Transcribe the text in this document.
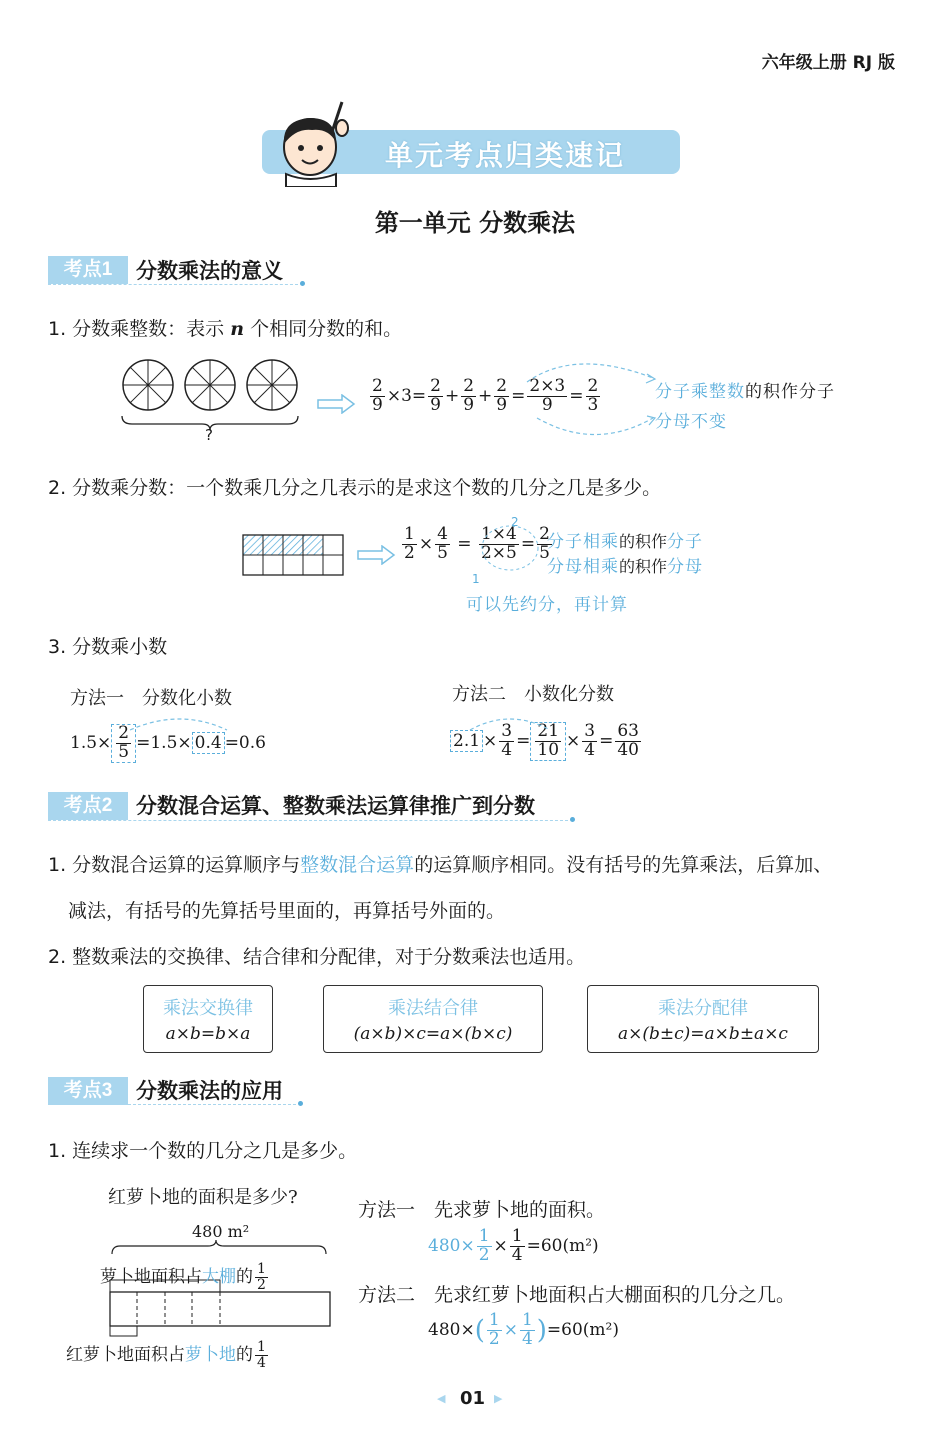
六年级上册 RJ 版
单元考点归类速记
第一单元 分数乘法
考点1	分数乘法的意义
1. 分数乘整数：表示 n 个相同分数的和。
?
$\frac{2}{9} \times 3= \frac{2}{9} + \frac{2}{9} + \frac{2}{9} = \frac{2\times 3}{9} = \frac{2}{3}$	分子乘整数的积作分子
分母不变
2. 分数乘分数：一个数乘几分之几表示的是求这个数的几分之几是多少。
$\frac{1}{2} \times \frac{4}{5} = \frac{1\times 4}{2\times 5} = \frac{2}{5}$
2
1
分子相乘的积作分子
分母相乘的积作分母
可以先约分，再计算
3. 分数乘小数
方法一　分数化小数	方法二　小数化分数
$1.5\times \frac{2}{5} =1.5\times 0.4 =0.6$	$2.1 \times \frac{3}{4} = \frac{21}{10} \times \frac{3}{4} = \frac{63}{40}$
考点2	分数混合运算、整数乘法运算律推广到分数
1. 分数混合运算的运算顺序与整数混合运算的运算顺序相同。没有括号的先算乘法，后算加、
减法，有括号的先算括号里面的，再算括号外面的。
2. 整数乘法的交换律、结合律和分配律，对于分数乘法也适用。
乘法交换律
a×b=b×a
乘法结合律
(a×b)×c=a×(b×c)
乘法分配律
a×(b±c)=a×b±a×c
考点3	分数乘法的应用
1. 连续求一个数的几分之几是多少。
红萝卜地的面积是多少?
480 m²
萝卜地面积占大棚的 $\frac{1}{2}$
红萝卜地面积占萝卜地的 $\frac{1}{4}$
方法一　先求萝卜地的面积。
$480\times \frac{1}{2} \times \frac{1}{4} =60(m^2)$
方法二　先求红萝卜地面积占大棚面积的几分之几。
$480\times( \frac{1}{2} \times \frac{1}{4} )=60(m^2)$
◀ 01 ▶
